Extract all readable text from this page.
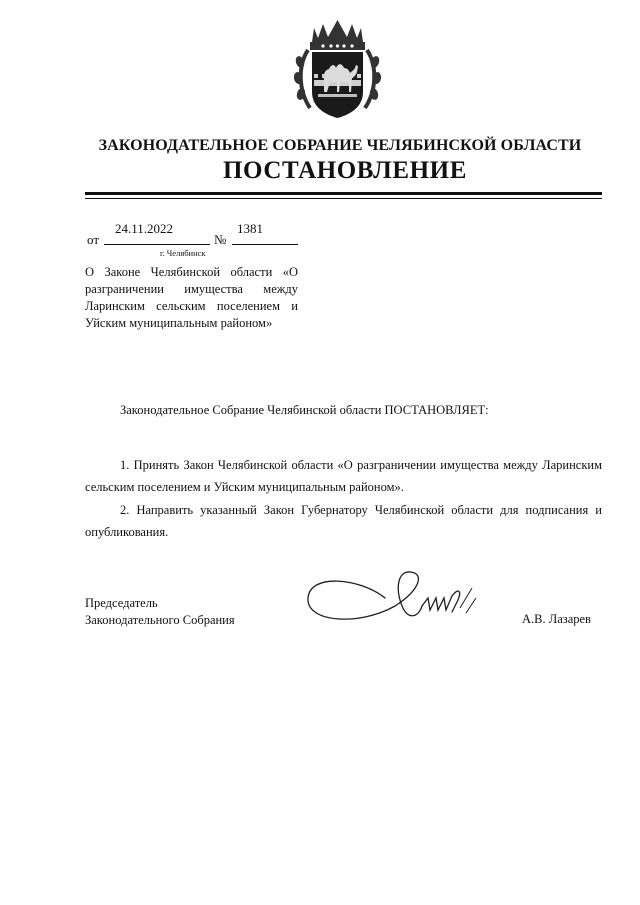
ЗАКОНОДАТЕЛЬНОЕ СОБРАНИЕ ЧЕЛЯБИНСКОЙ ОБЛАСТИ
ПОСТАНОВЛЕНИЕ
от
24.11.2022
№
1381
г. Челябинск
О Законе Челябинской области «О разграничении имущества между Ларинским сельским поселением и Уйским муниципальным районом»
Законодательное Собрание Челябинской области ПОСТАНОВЛЯЕТ:
1. Принять Закон Челябинской области «О разграничении имущества между Ларинским сельским поселением и Уйским муниципальным районом».
2. Направить указанный Закон Губернатору Челябинской области для подписания и опубликования.
Председатель
Законодательного Собрания	А.В. Лазарев
